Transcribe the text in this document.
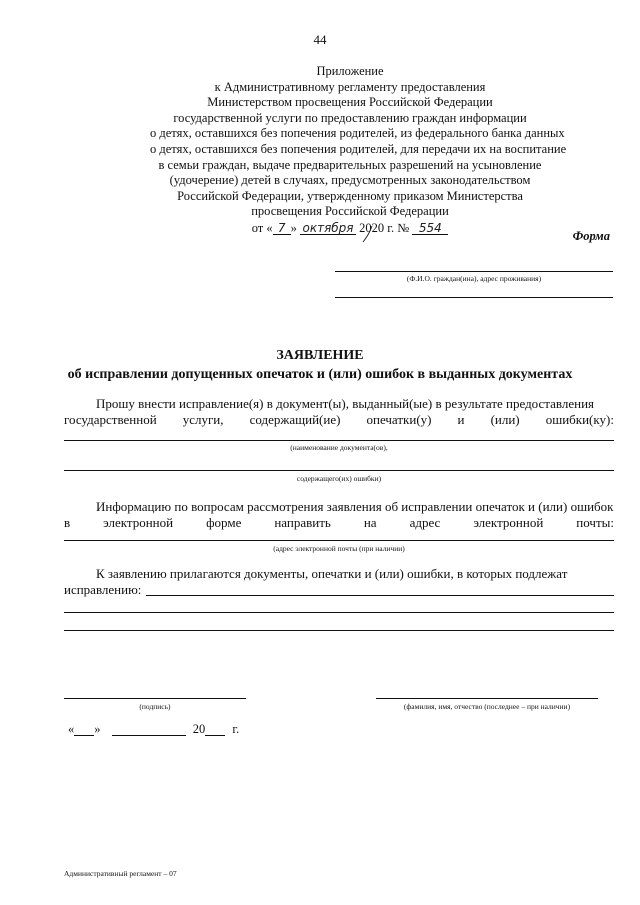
44
Приложение
к Административному регламенту предоставления
Министерством просвещения Российской Федерации
государственной услуги по предоставлению граждан информации
о детях, оставшихся без попечения родителей, из федерального банка данных
о детях, оставшихся без попечения родителей, для передачи их на воспитание
в семьи граждан, выдаче предварительных разрешений на усыновление
(удочерение) детей в случаях, предусмотренных законодательством
Российской Федерации, утвержденному приказом Министерства
просвещения Российской Федерации
от « 7 » октября 2020 г. № 554
Форма
(Ф.И.О. граждан(ина), адрес проживания)
ЗАЯВЛЕНИЕ
об исправлении допущенных опечаток и (или) ошибок в выданных документах
Прошу внести исправление(я) в документ(ы), выданный(ые) в результате предоставления
государственной услуги, содержащий(ие) опечатки(у) и (или) ошибки(ку):
(наименование документа(ов),
содержащего(их) ошибки)
Информацию по вопросам рассмотрения заявления об исправлении опечаток и (или) ошибок
в	электронной	форме	направить	на	адрес	электронной	почты:
(адрес электронной почты (при наличии)
К заявлению прилагаются документы, опечатки и (или) ошибки, в которых подлежат
исправлению:
(подпись)	(фамилия, имя, отчество (последнее – при наличии)
« »	20 г.
Административный регламент – 07
